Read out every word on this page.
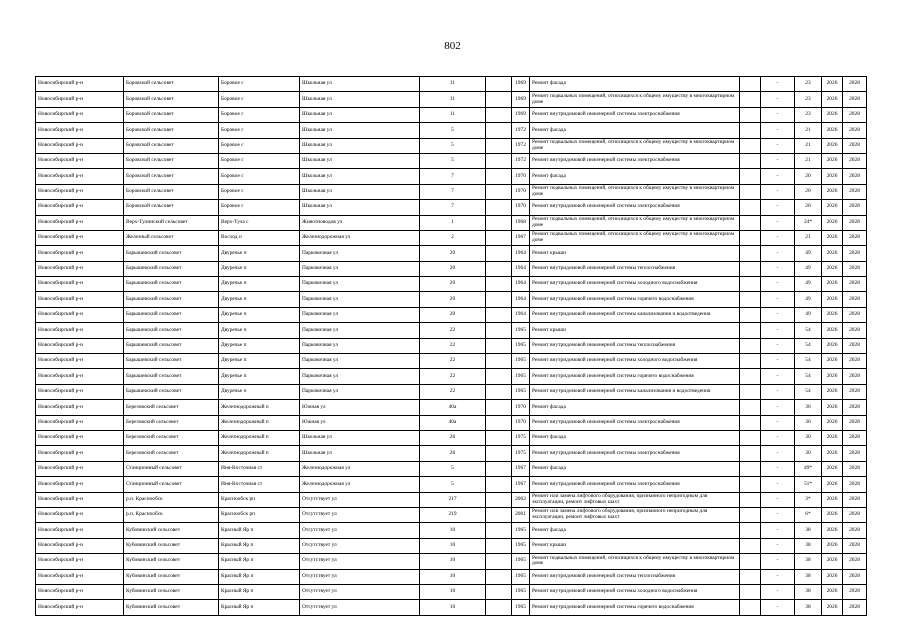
802
Новосибирский р-н	Боровской сельсовет	Боровое с	Школьная ул	11		1969	Ремонт фасада		-	23	2026	2028
Новосибирский р-н	Боровской сельсовет	Боровое с	Школьная ул	11		1969	Ремонт подвальных помещений, относящихся к общему имуществу в многоквартирном доме		-	23	2026	2028
Новосибирский р-н	Боровской сельсовет	Боровое с	Школьная ул	11		1969	Ремонт внутридомовой инженерной системы электроснабжения		-	23	2026	2028
Новосибирский р-н	Боровской сельсовет	Боровое с	Школьная ул	5		1972	Ремонт фасада		-	21	2026	2028
Новосибирский р-н	Боровской сельсовет	Боровое с	Школьная ул	5		1972	Ремонт подвальных помещений, относящихся к общему имуществу в многоквартирном доме		-	21	2026	2028
Новосибирский р-н	Боровской сельсовет	Боровое с	Школьная ул	5		1972	Ремонт внутридомовой инженерной системы электроснабжения		-	21	2026	2028
Новосибирский р-н	Боровской сельсовет	Боровое с	Школьная ул	7		1970	Ремонт фасада		-	20	2026	2028
Новосибирский р-н	Боровской сельсовет	Боровое с	Школьная ул	7		1970	Ремонт подвальных помещений, относящихся к общему имуществу в многоквартирном доме		-	20	2026	2028
Новосибирский р-н	Боровской сельсовет	Боровое с	Школьная ул	7		1970	Ремонт внутридомовой инженерной системы электроснабжения		-	20	2026	2028
Новосибирский р-н	Верх-Тулинский сельсовет	Верх-Тула с	Животноводов ул	1		1968	Ремонт подвальных помещений, относящихся к общему имуществу в многоквартирном доме		-	24*	2026	2028
Новосибирский р-н	Железный сельсовет	Восход п	Железнодорожная ул	2		1967	Ремонт подвальных помещений, относящихся к общему имуществу в многоквартирном доме		-	21	2026	2028
Новосибирский р-н	Барышевский сельсовет	Двуречье п	Парковочная ул	20		1964	Ремонт крыши		-	49	2026	2028
Новосибирский р-н	Барышевский сельсовет	Двуречье п	Парковочная ул	20		1964	Ремонт внутридомовой инженерной системы теплоснабжения		-	49	2026	2028
Новосибирский р-н	Барышевский сельсовет	Двуречье п	Парковочная ул	20		1964	Ремонт внутридомовой инженерной системы холодного водоснабжения		-	49	2026	2028
Новосибирский р-н	Барышевский сельсовет	Двуречье п	Парковочная ул	20		1964	Ремонт внутридомовой инженерной системы горячего водоснабжения		-	49	2026	2028
Новосибирский р-н	Барышевский сельсовет	Двуречье п	Парковочная ул	20		1964	Ремонт внутридомовой инженерной системы канализования и водоотведения		-	49	2026	2028
Новосибирский р-н	Барышевский сельсовет	Двуречье п	Парковочная ул	22		1965	Ремонт крыши		-	54	2026	2028
Новосибирский р-н	Барышевский сельсовет	Двуречье п	Парковочная ул	22		1965	Ремонт внутридомовой инженерной системы теплоснабжения		-	54	2026	2028
Новосибирский р-н	Барышевский сельсовет	Двуречье п	Парковочная ул	22		1965	Ремонт внутридомовой инженерной системы холодного водоснабжения		-	54	2026	2028
Новосибирский р-н	Барышевский сельсовет	Двуречье п	Парковочная ул	22		1965	Ремонт внутридомовой инженерной системы горячего водоснабжения		-	54	2026	2028
Новосибирский р-н	Барышевский сельсовет	Двуречье п	Парковочная ул	22		1965	Ремонт внутридомовой инженерной системы канализования и водоотведения		-	54	2026	2028
Новосибирский р-н	Березовский сельсовет	Железнодорожный п	Южная ул	40а		1970	Ремонт фасада		-	36	2026	2028
Новосибирский р-н	Березовский сельсовет	Железнодорожный п	Южная ул	40а		1970	Ремонт внутридомовой инженерной системы электроснабжения		-	36	2026	2028
Новосибирский р-н	Березовский сельсовет	Железнодорожный п	Школьная ул	26		1975	Ремонт фасада		-	30	2026	2028
Новосибирский р-н	Березовский сельсовет	Железнодорожный п	Школьная ул	26		1975	Ремонт внутридомовой инженерной системы электроснабжения		-	30	2026	2028
Новосибирский р-н	Станционный сельсовет	Иня-Восточная ст	Железнодорожная ул	5		1967	Ремонт фасада		-	49*	2026	2028
Новосибирский р-н	Станционный сельсовет	Иня-Восточная ст	Железнодорожная ул	5		1967	Ремонт внутридомовой инженерной системы электроснабжения		-	51*	2026	2028
Новосибирский р-н	р.п. Краснообск	Краснообск рп	Отсутствует ул	217		2002	Ремонт или замена лифтового оборудования, признанного непригодным для эксплуатации, ремонт лифтовых шахт		-	3*	2026	2028
Новосибирский р-н	р.п. Краснообск	Краснообск рп	Отсутствует ул	219		2001	Ремонт или замена лифтового оборудования, признанного непригодным для эксплуатации, ремонт лифтовых шахт		-	6*	2026	2028
Новосибирский р-н	Кубовинский сельсовет	Красный Яр п	Отсутствует ул	10		1965	Ремонт фасада		-	38	2026	2028
Новосибирский р-н	Кубовинский сельсовет	Красный Яр п	Отсутствует ул	10		1965	Ремонт крыши		-	38	2026	2028
Новосибирский р-н	Кубовинский сельсовет	Красный Яр п	Отсутствует ул	10		1965	Ремонт подвальных помещений, относящихся к общему имуществу в многоквартирном доме		-	38	2026	2028
Новосибирский р-н	Кубовинский сельсовет	Красный Яр п	Отсутствует ул	10		1965	Ремонт внутридомовой инженерной системы теплоснабжения		-	38	2026	2028
Новосибирский р-н	Кубовинский сельсовет	Красный Яр п	Отсутствует ул	10		1965	Ремонт внутридомовой инженерной системы холодного водоснабжения		-	38	2026	2028
Новосибирский р-н	Кубовинский сельсовет	Красный Яр п	Отсутствует ул	10		1965	Ремонт внутридомовой инженерной системы горячего водоснабжения		-	38	2026	2028
